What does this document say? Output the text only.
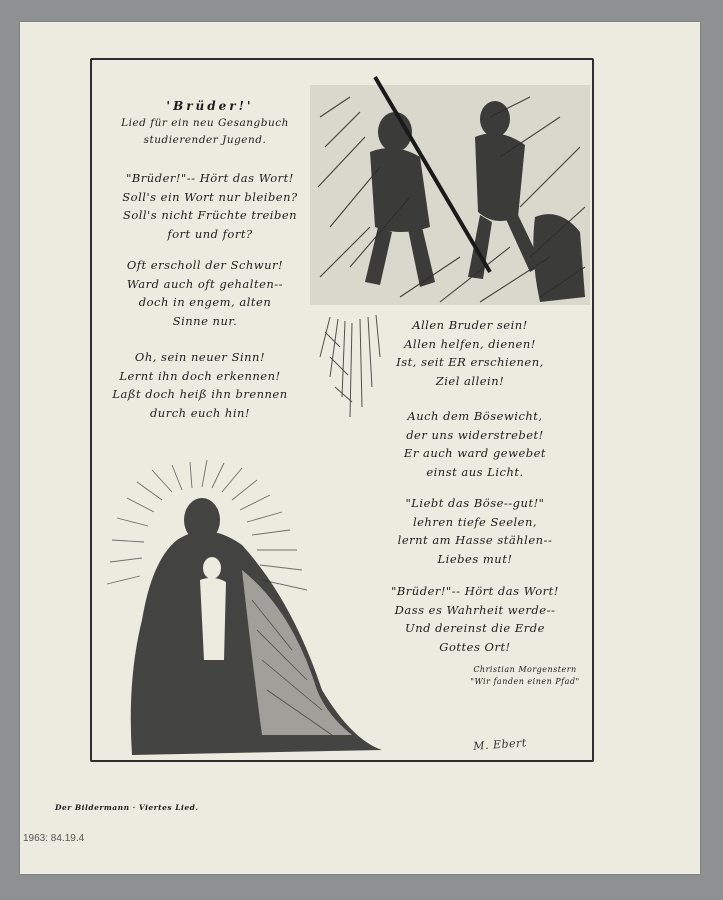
'Brüder!'
Lied für ein neu Gesangbuch
studierender Jugend.
"Brüder!"-- Hört das Wort!
Soll's ein Wort nur bleiben?
Soll's nicht Früchte treiben
fort und fort?
Oft erscholl der Schwur!
Ward auch oft gehalten--
doch in engem, alten
Sinne nur.
Oh, sein neuer Sinn!
Lernt ihn doch erkennen!
Laßt doch heiß ihn brennen
durch euch hin!
Allen Bruder sein!
Allen helfen, dienen!
Ist, seit ER erschienen,
Ziel allein!
Auch dem Bösewicht,
der uns widerstrebet!
Er auch ward gewebet
einst aus Licht.
"Liebt das Böse--gut!"
lehren tiefe Seelen,
lernt am Hasse stählen--
Liebes mut!
"Brüder!"-- Hört das Wort!
Dass es Wahrheit werde--
Und dereinst die Erde
Gottes Ort!
Christian Morgenstern
"Wir fanden einen Pfad"
M. Ebert
Der Bildermann · Viertes Lied.
1963: 84.19.4
